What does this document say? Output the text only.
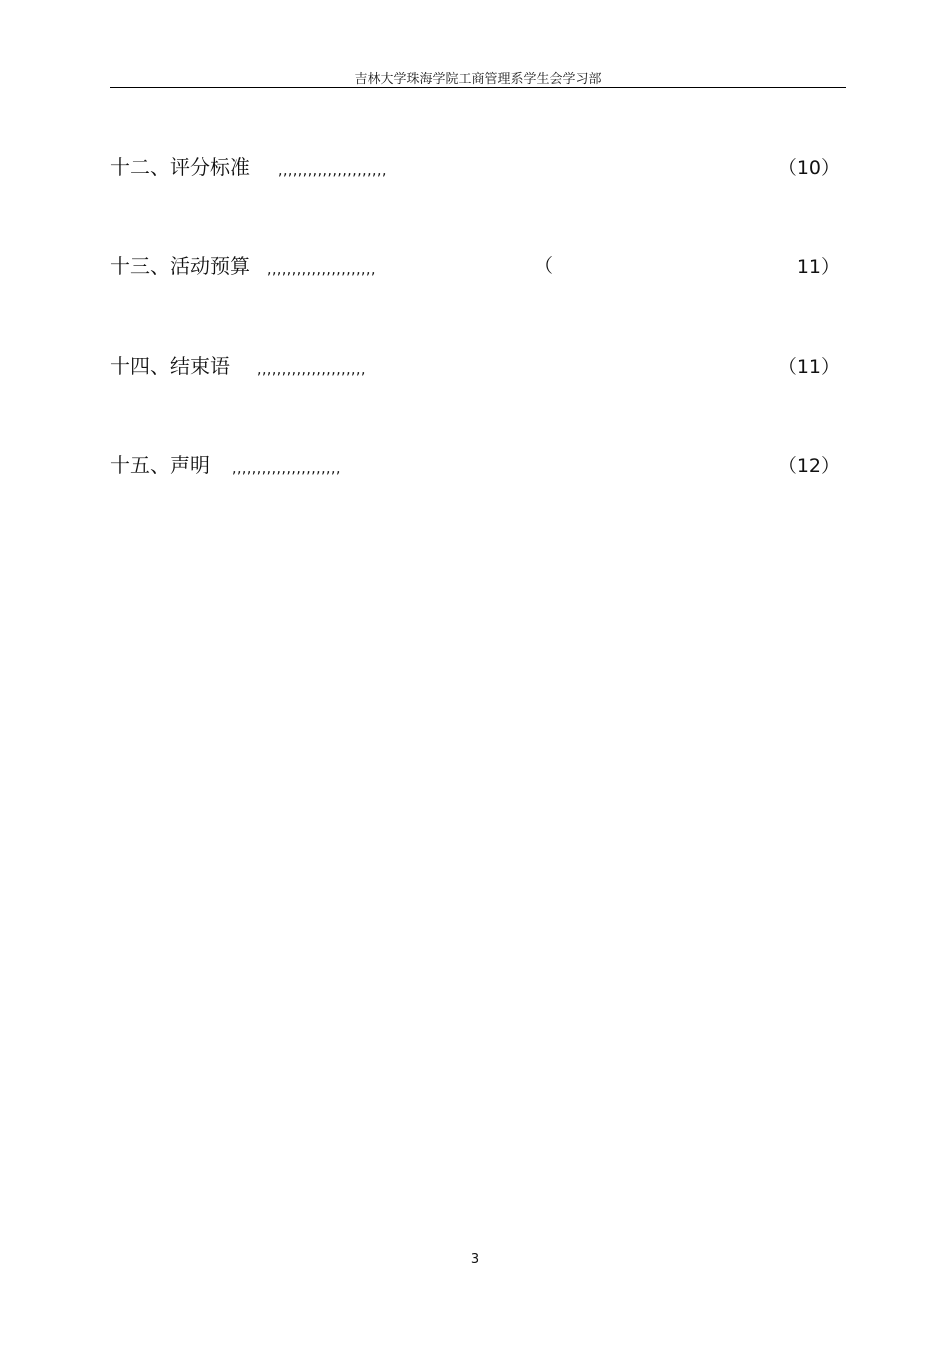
吉林大学珠海学院工商管理系学生会学习部
十二、评分标准 ,,,,,,,,,,,,,,,,,,,,,,	（10）
十三、活动预算 ,,,,,,,,,,,,,,,,,,,,,,	（	11）
十四、结束语 ,,,,,,,,,,,,,,,,,,,,,,	（11）
十五、声明 ,,,,,,,,,,,,,,,,,,,,,,	（12）
3
